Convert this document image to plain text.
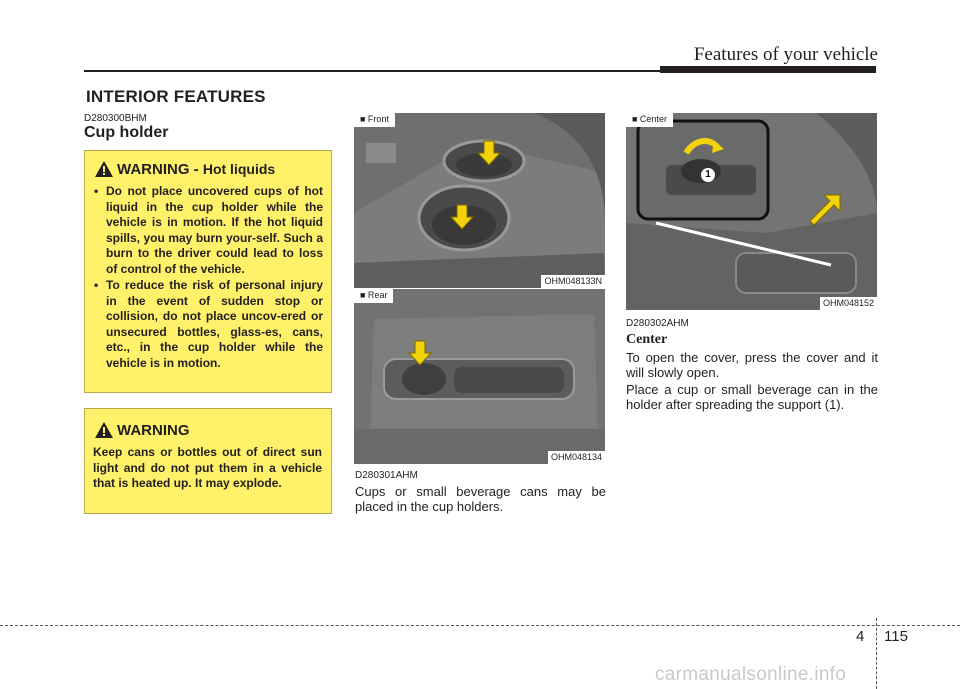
Features of your vehicle
INTERIOR FEATURES
D280300BHM
Cup holder
WARNING - Hot liquids
• Do not place uncovered cups of hot liquid in the cup holder while the vehicle is in motion. If the hot liquid spills, you may burn your-self. Such a burn to the driver could lead to loss of control of the vehicle.
• To reduce the risk of personal injury in the event of sudden stop or collision, do not place uncov-ered or unsecured bottles, glass-es, cans, etc., in the cup holder while the vehicle is in motion.
WARNING
Keep cans or bottles out of direct sun light and do not put them in a vehicle that is heated up. It may explode.
■ Front
OHM048133N
■ Rear
OHM048134
D280301AHM
Cups or small beverage cans may be placed in the cup holders.
1
■ Center
OHM048152
D280302AHM
Center
To open the cover, press the cover and it will slowly open.
Place a cup or small beverage can in the holder after spreading the support (1).
4 115
carmanualsonline.info
